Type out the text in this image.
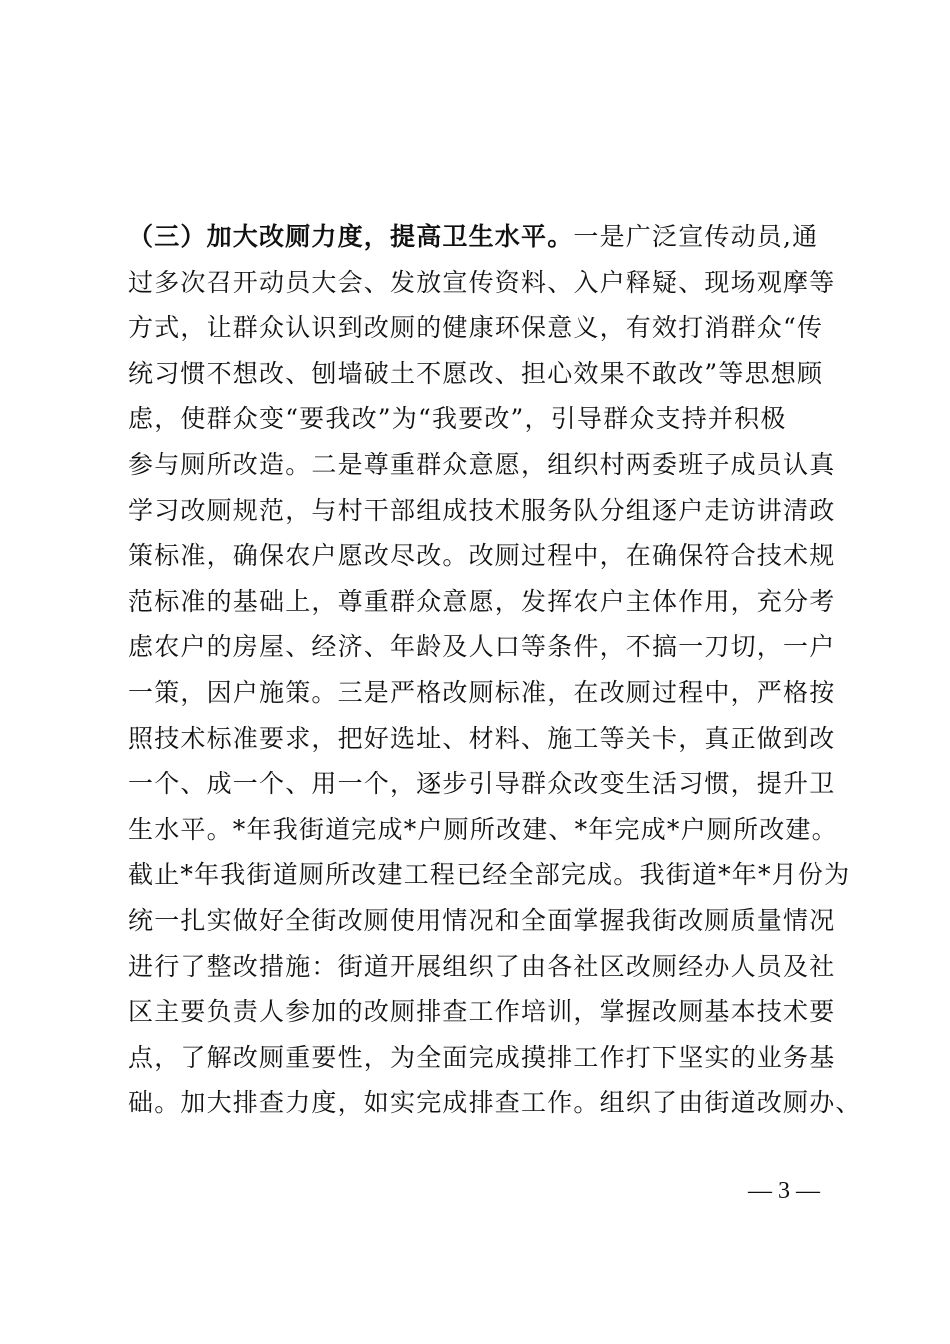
（三）加大改厕力度，提高卫生水平。一是广泛宣传动员,通
过多次召开动员大会、发放宣传资料、入户释疑、现场观摩等
方式，让群众认识到改厕的健康环保意义，有效打消群众“传
统习惯不想改、刨墙破土不愿改、担心效果不敢改”等思想顾
虑，使群众变“要我改”为“我要改”，引导群众支持并积极
参与厕所改造。二是尊重群众意愿，组织村两委班子成员认真
学习改厕规范，与村干部组成技术服务队分组逐户走访讲清政
策标准，确保农户愿改尽改。改厕过程中，在确保符合技术规
范标准的基础上，尊重群众意愿，发挥农户主体作用，充分考
虑农户的房屋、经济、年龄及人口等条件，不搞一刀切，一户
一策，因户施策。三是严格改厕标准，在改厕过程中，严格按
照技术标准要求，把好选址、材料、施工等关卡，真正做到改
一个、成一个、用一个，逐步引导群众改变生活习惯，提升卫
生水平。*年我街道完成*户厕所改建、*年完成*户厕所改建。
截止*年我街道厕所改建工程已经全部完成。我街道*年*月份为
统一扎实做好全街改厕使用情况和全面掌握我街改厕质量情况
进行了整改措施：街道开展组织了由各社区改厕经办人员及社
区主要负责人参加的改厕排查工作培训，掌握改厕基本技术要
点，了解改厕重要性，为全面完成摸排工作打下坚实的业务基
础。加大排查力度，如实完成排查工作。组织了由街道改厕办、
— 3 —
